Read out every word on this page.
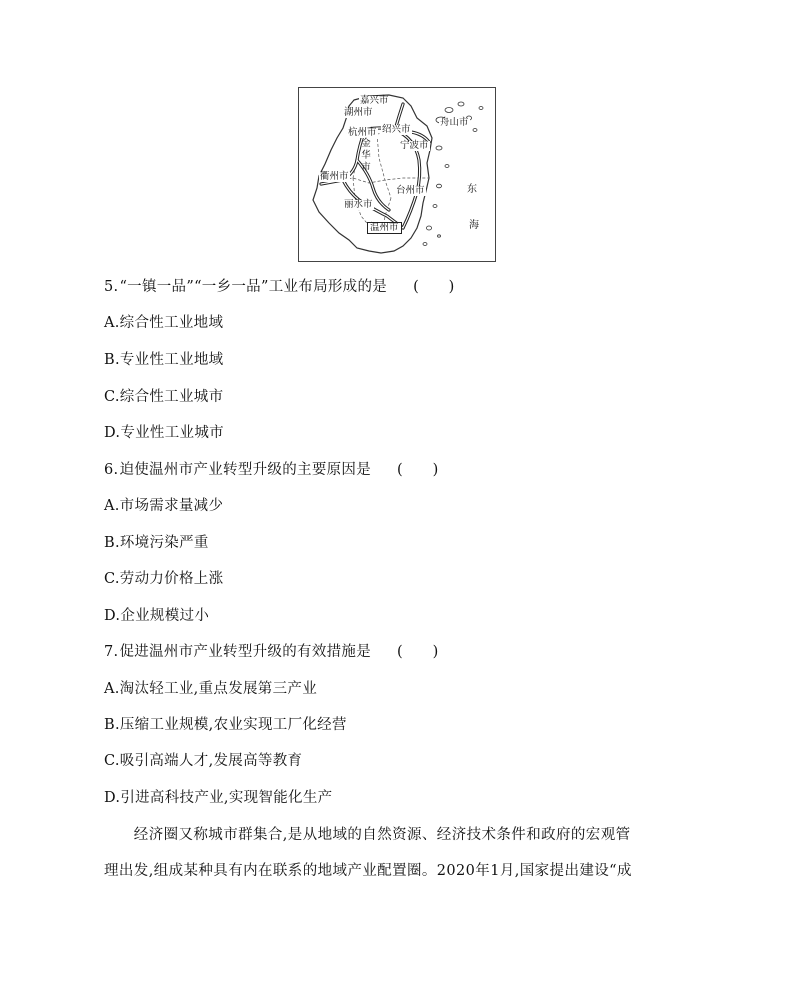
嘉兴市
湖州市
杭州市 绍兴市
舟山市
宁波市
金华市
衢州市
台州市
丽水市
温州市
东
海
5.“一镇一品”“一乡一品”工业布局形成的是 (　　)
A.综合性工业地域
B.专业性工业地域
C.综合性工业城市
D.专业性工业城市
6.迫使温州市产业转型升级的主要原因是 (　　)
A.市场需求量减少
B.环境污染严重
C.劳动力价格上涨
D.企业规模过小
7.促进温州市产业转型升级的有效措施是 (　　)
A.淘汰轻工业,重点发展第三产业
B.压缩工业规模,农业实现工厂化经营
C.吸引高端人才,发展高等教育
D.引进高科技产业,实现智能化生产
　　经济圈又称城市群集合,是从地域的自然资源、经济技术条件和政府的宏观管
理出发,组成某种具有内在联系的地域产业配置圈。2020年1月,国家提出建设“成
